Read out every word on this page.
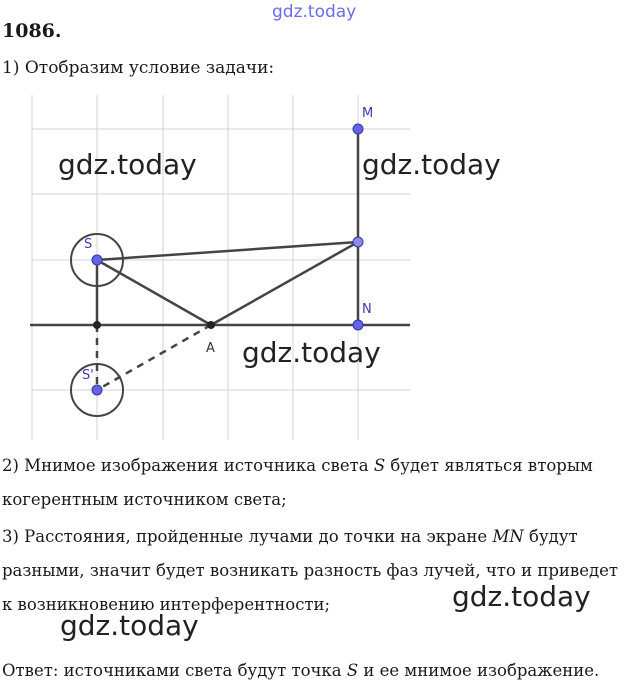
gdz.today
1086.
1) Отобразим условие задачи:
M
S
N
A
S'
gdz.today	gdz.today
gdz.today
2) Мнимое изображения источника света S будет являться вторым
когерентным источником света;
3) Расстояния, пройденные лучами до точки на экране MN будут
разными, значит будет возникать разность фаз лучей, что и приведет
к возникновению интерферентности;	gdz.today
gdz.today
Ответ: источниками света будут точка S и ее мнимое изображение.
